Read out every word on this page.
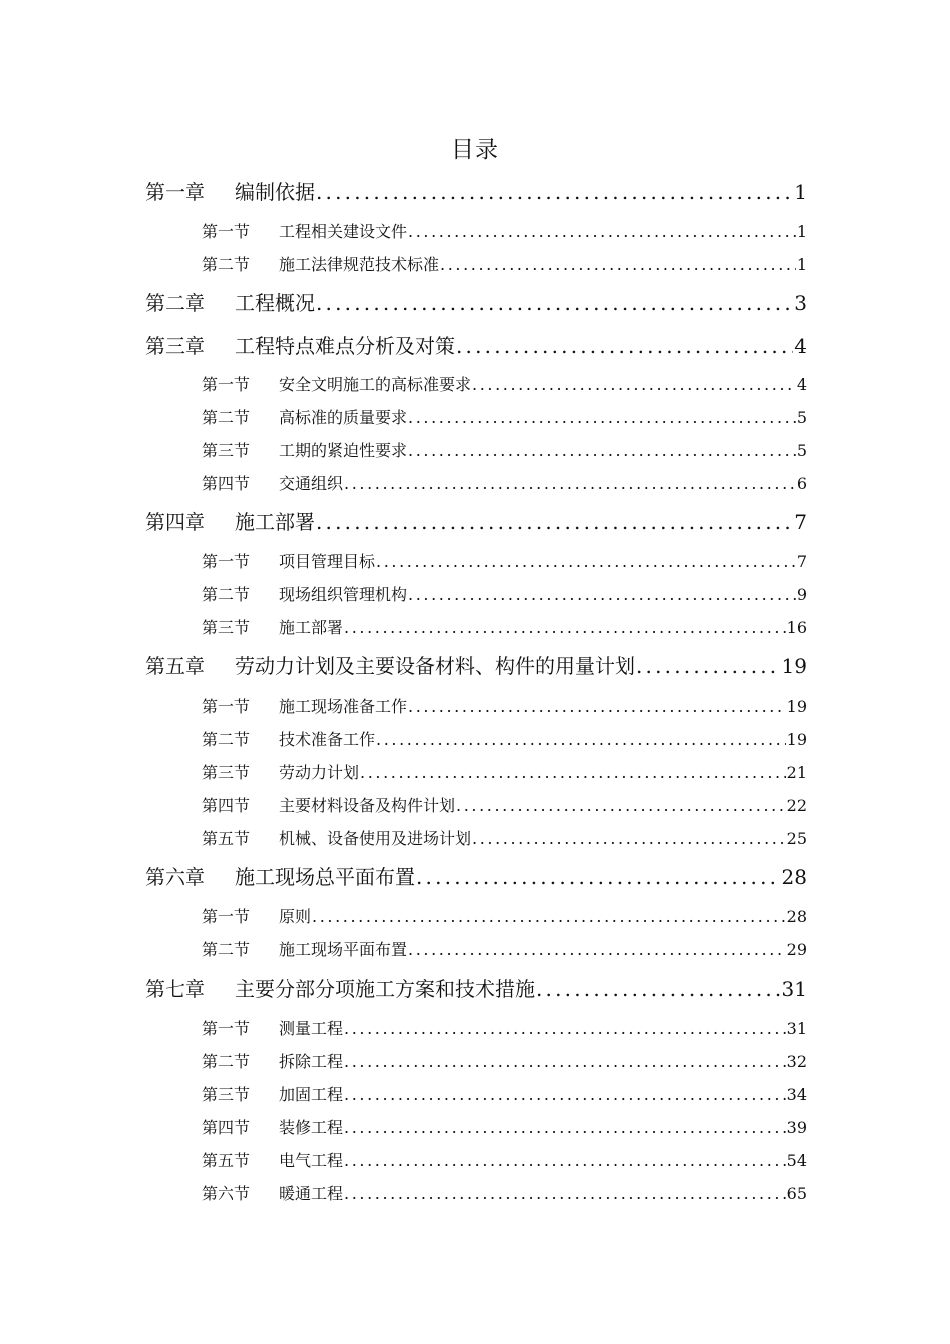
目录
第一章	编制依据 .....	1
第一节	工程相关建设文件 .....	1
第二节	施工法律规范技术标准 .....	1
第二章	工程概况 .....	3
第三章	工程特点难点分析及对策 .....	4
第一节	安全文明施工的高标准要求 .....	4
第二节	高标准的质量要求 .....	5
第三节	工期的紧迫性要求 .....	5
第四节	交通组织 .....	6
第四章	施工部署 .....	7
第一节	项目管理目标 .....	7
第二节	现场组织管理机构 .....	9
第三节	施工部署 .....	16
第五章	劳动力计划及主要设备材料、构件的用量计划 .....	19
第一节	施工现场准备工作 .....	19
第二节	技术准备工作 .....	19
第三节	劳动力计划 .....	21
第四节	主要材料设备及构件计划 .....	22
第五节	机械、设备使用及进场计划 .....	25
第六章	施工现场总平面布置 .....	28
第一节	原则 .....	28
第二节	施工现场平面布置 .....	29
第七章	主要分部分项施工方案和技术措施 .....	31
第一节	测量工程 .....	31
第二节	拆除工程 .....	32
第三节	加固工程 .....	34
第四节	装修工程 .....	39
第五节	电气工程 .....	54
第六节	暖通工程 .....	65
